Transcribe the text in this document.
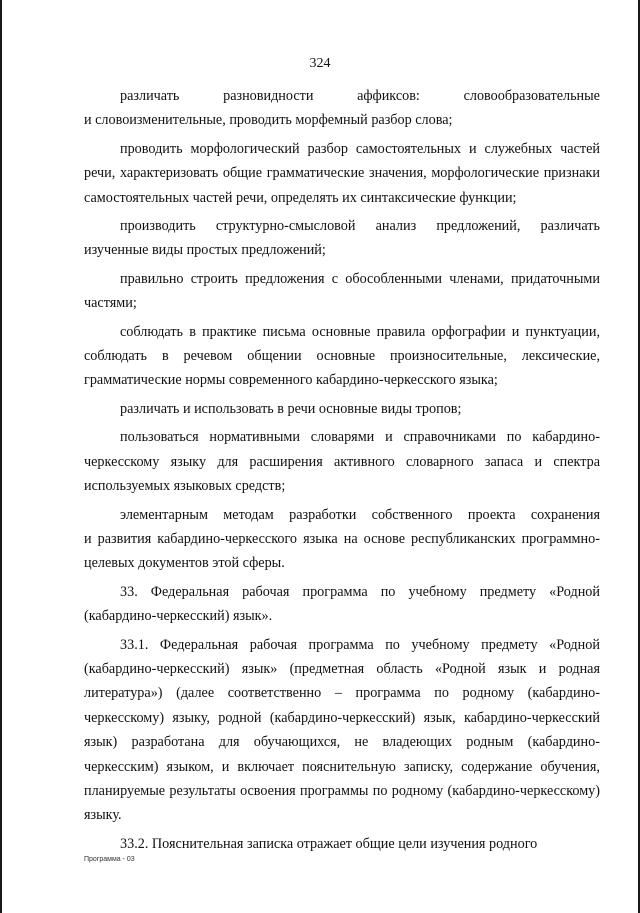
324
различать	разновидности	аффиксов:	словообразовательные
и словоизменительные, проводить морфемный разбор слова;
проводить морфологический разбор самостоятельных и служебных частей
речи, характеризовать общие грамматические значения, морфологические признаки
самостоятельных частей речи, определять их синтаксические функции;
производить структурно-смысловой анализ предложений, различать
изученные виды простых предложений;
правильно строить предложения с обособленными членами, придаточными
частями;
соблюдать в практике письма основные правила орфографии и пунктуации,
соблюдать в речевом общении основные произносительные, лексические,
грамматические нормы современного кабардино-черкесского языка;
различать и использовать в речи основные виды тропов;
пользоваться нормативными словарями и справочниками по кабардино-
черкесскому языку для расширения активного словарного запаса и спектра
используемых языковых средств;
элементарным методам разработки собственного проекта сохранения
и развития кабардино-черкесского языка на основе республиканских программно-
целевых документов этой сферы.
33. Федеральная рабочая программа по учебному предмету «Родной
(кабардино-черкесский) язык».
33.1. Федеральная рабочая программа по учебному предмету «Родной
(кабардино-черкесский) язык» (предметная область «Родной язык и родная
литература») (далее соответственно – программа по родному (кабардино-
черкесскому) языку, родной (кабардино-черкесский) язык, кабардино-черкесский
язык) разработана для обучающихся, не владеющих родным (кабардино-
черкесским) языком, и включает пояснительную записку, содержание обучения,
планируемые результаты освоения программы по родному (кабардино-черкесскому)
языку.
33.2. Пояснительная записка отражает общие цели изучения родного
Программа - 03
